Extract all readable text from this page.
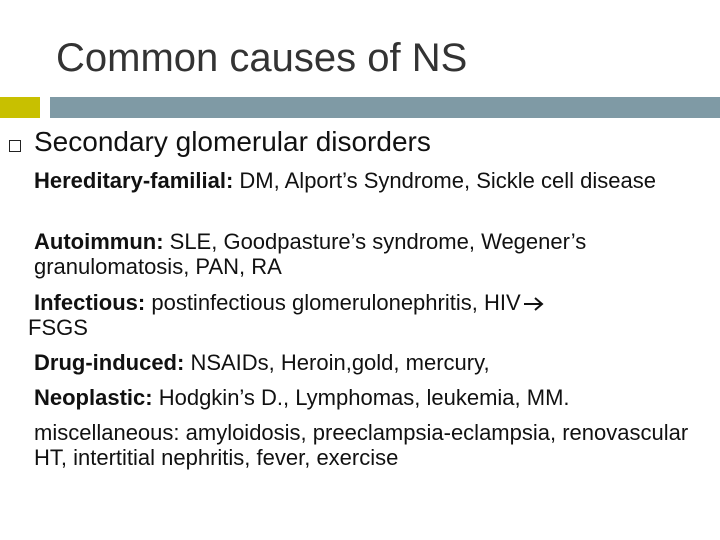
Common causes of NS
Secondary glomerular disorders
Hereditary-familial: DM, Alport’s Syndrome, Sickle cell disease
Autoimmun: SLE, Goodpasture’s syndrome, Wegener’s granulomatosis, PAN, RA
Infectious: postinfectious glomerulonephritis, HIV
FSGS
Drug-induced: NSAIDs, Heroin,gold, mercury,
Neoplastic: Hodgkin’s D., Lymphomas, leukemia, MM.
miscellaneous: amyloidosis, preeclampsia-eclampsia, renovascular HT, intertitial nephritis, fever, exercise
